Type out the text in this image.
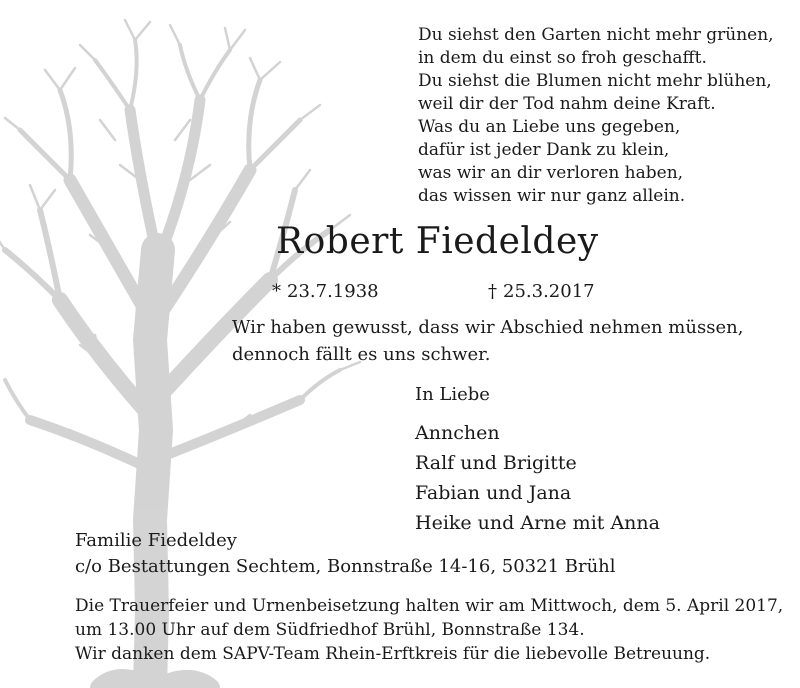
Du siehst den Garten nicht mehr grünen,
in dem du einst so froh geschafft.
Du siehst die Blumen nicht mehr blühen,
weil dir der Tod nahm deine Kraft.
Was du an Liebe uns gegeben,
dafür ist jeder Dank zu klein,
was wir an dir verloren haben,
das wissen wir nur ganz allein.
Robert Fiedeldey
* 23.7.1938	† 25.3.2017
Wir haben gewusst, dass wir Abschied nehmen müssen,
dennoch fällt es uns schwer.
In Liebe
Annchen
Ralf und Brigitte
Fabian und Jana
Heike und Arne mit Anna
Familie Fiedeldey
c/o Bestattungen Sechtem, Bonnstraße 14-16, 50321 Brühl
Die Trauerfeier und Urnenbeisetzung halten wir am Mittwoch, dem 5. April 2017,
um 13.00 Uhr auf dem Südfriedhof Brühl, Bonnstraße 134.
Wir danken dem SAPV-Team Rhein-Erftkreis für die liebevolle Betreuung.
